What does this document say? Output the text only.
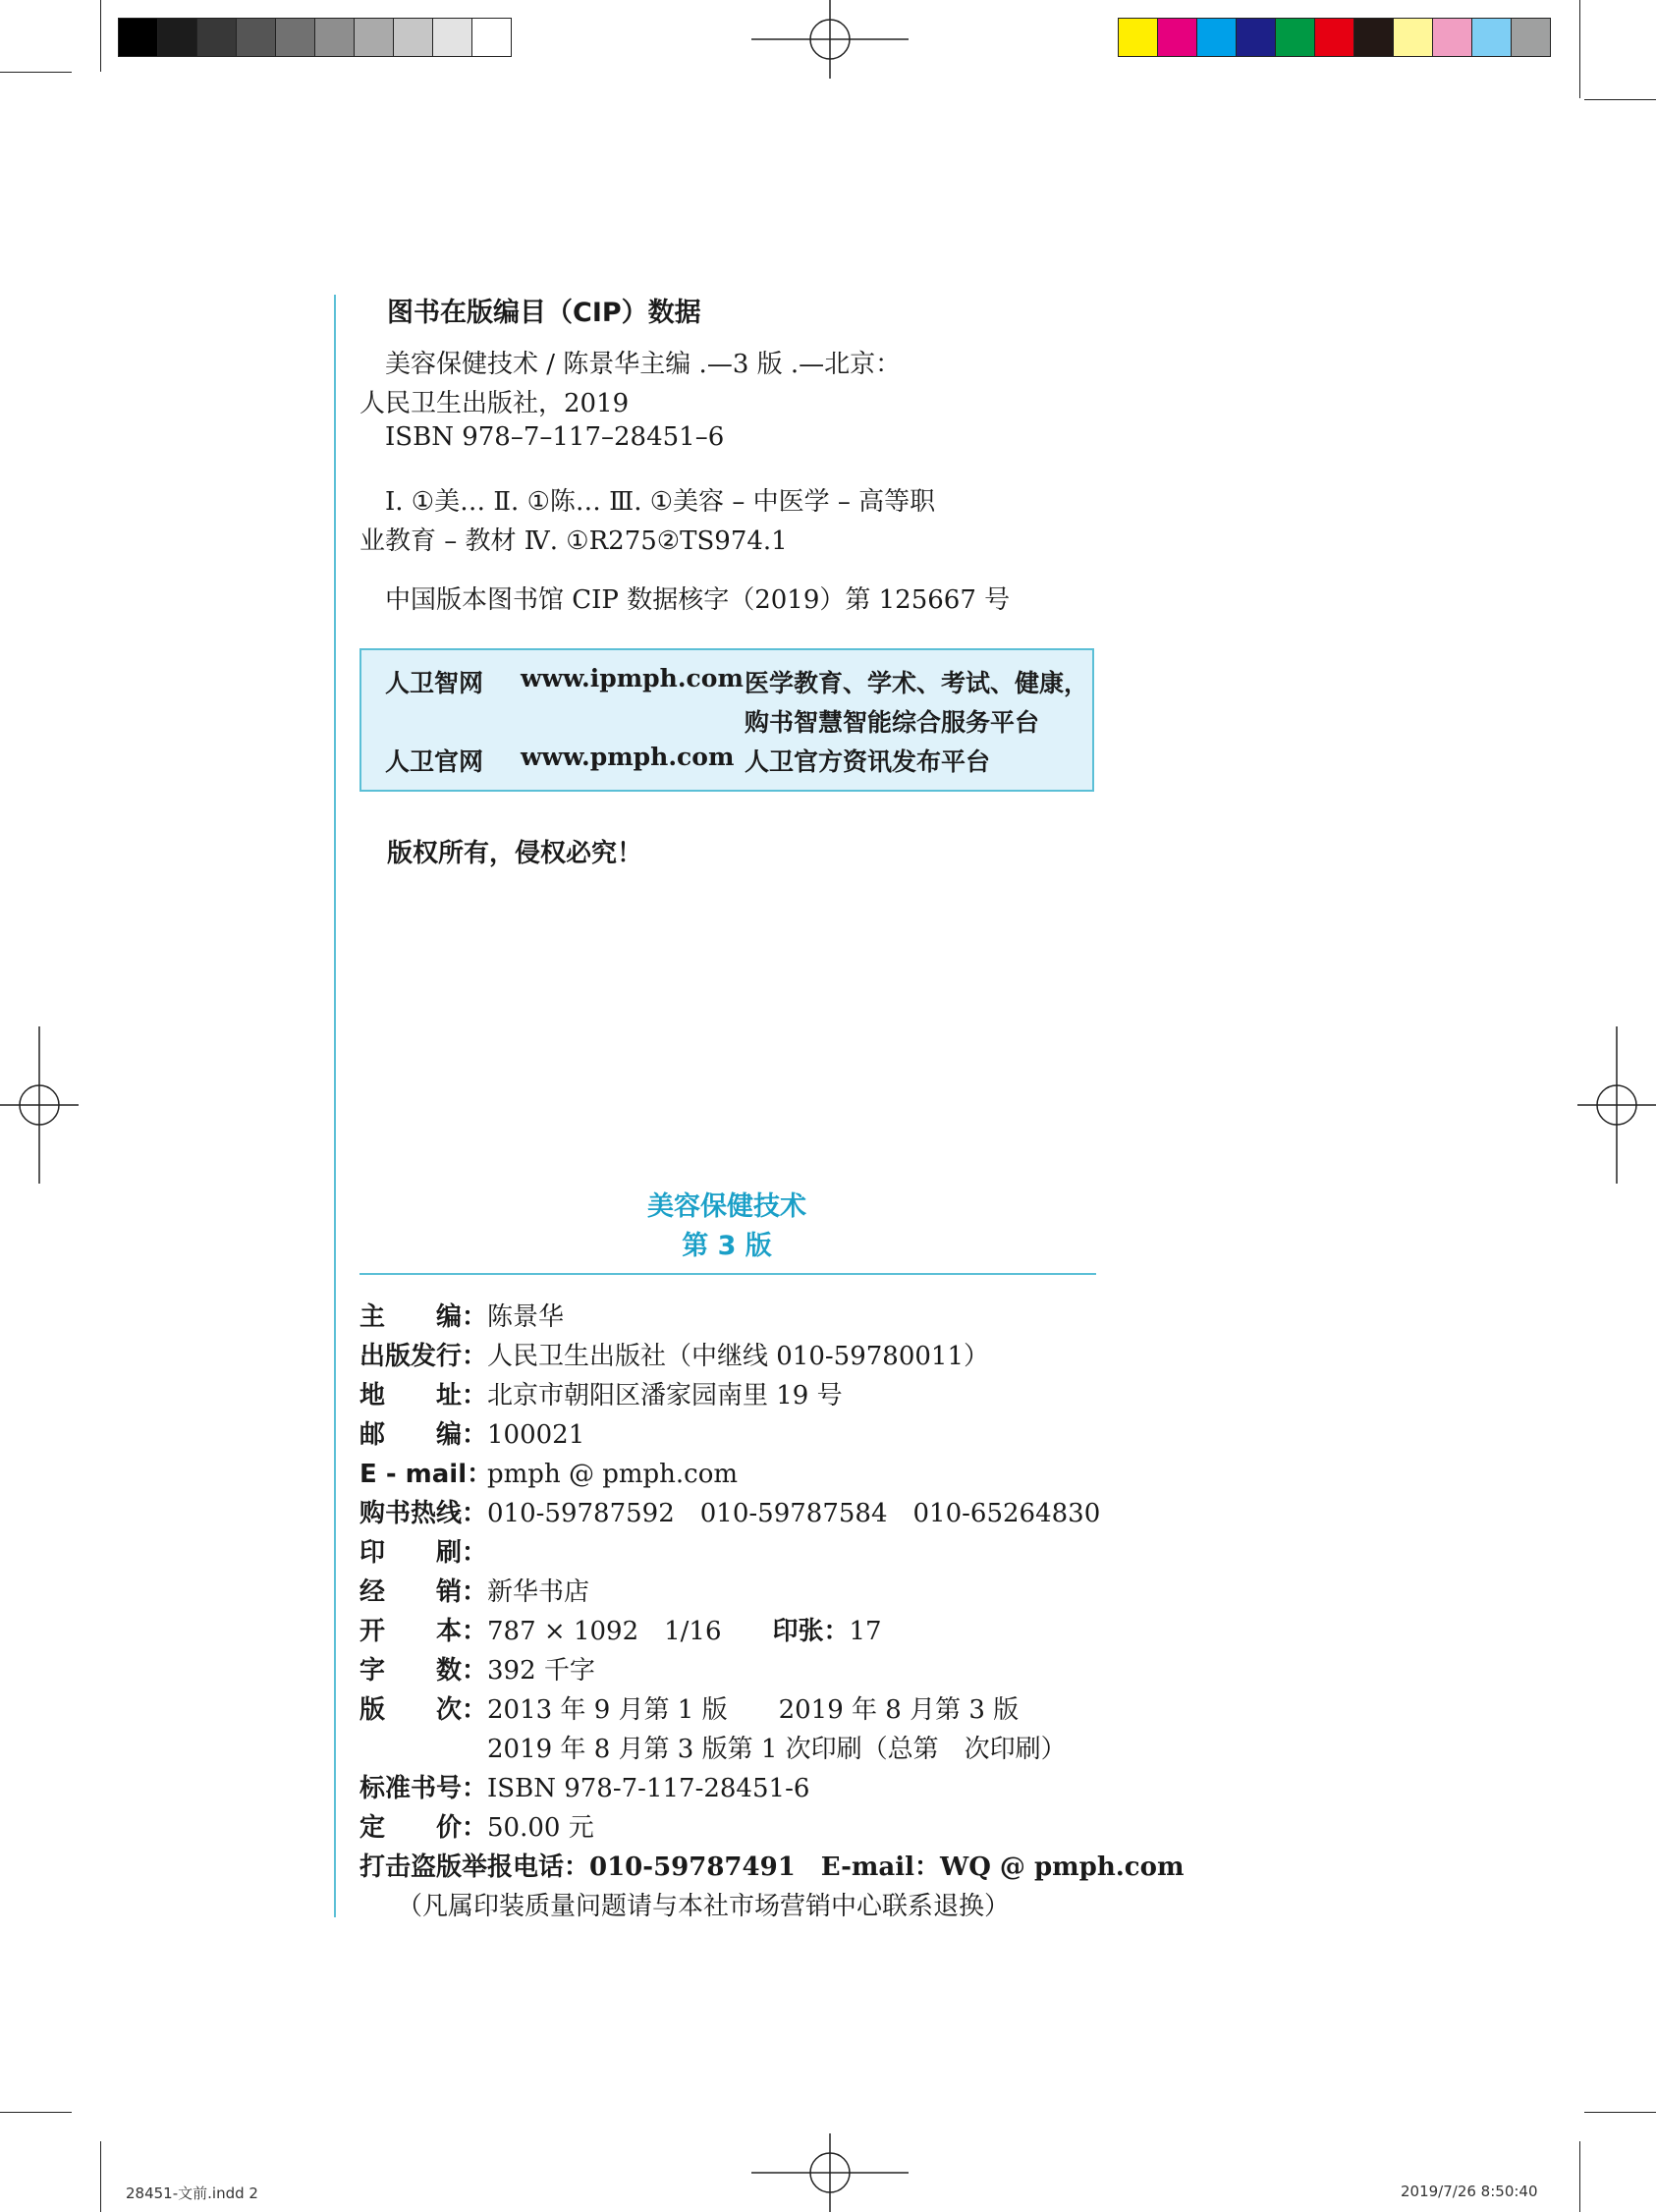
图书在版编目（CIP）数据
美容保健技术 / 陈景华主编 .—3 版 .—北京：
人民卫生出版社，2019
ISBN 978–7–117–28451–6
Ⅰ. ①美… Ⅱ. ①陈… Ⅲ. ①美容 – 中医学 – 高等职
业教育 – 教材 Ⅳ. ①R275②TS974.1
中国版本图书馆 CIP 数据核字（2019）第 125667 号
人卫智网 www.ipmph.com 医学教育、学术、考试、健康，
购书智慧智能综合服务平台
人卫官网 www.pmph.com 人卫官方资讯发布平台
版权所有，侵权必究！
美容保健技术
第 3 版
主　　编：陈景华
出版发行：人民卫生出版社（中继线 010-59780011）
地　　址：北京市朝阳区潘家园南里 19 号
邮　　编：100021
E - mail：pmph @ pmph.com
购书热线：010-59787592　010-59787584　010-65264830
印　　刷：
经　　销：新华书店
开　　本：787 × 1092　1/16 印张：17
字　　数：392 千字
版　　次：2013 年 9 月第 1 版　　2019 年 8 月第 3 版
2019 年 8 月第 3 版第 1 次印刷（总第　次印刷）
标准书号：ISBN 978-7-117-28451-6
定　　价：50.00 元
打击盗版举报电话：010-59787491　E-mail：WQ @ pmph.com
（凡属印装质量问题请与本社市场营销中心联系退换）
28451-文前.indd 2	2019/7/26 8:50:40
